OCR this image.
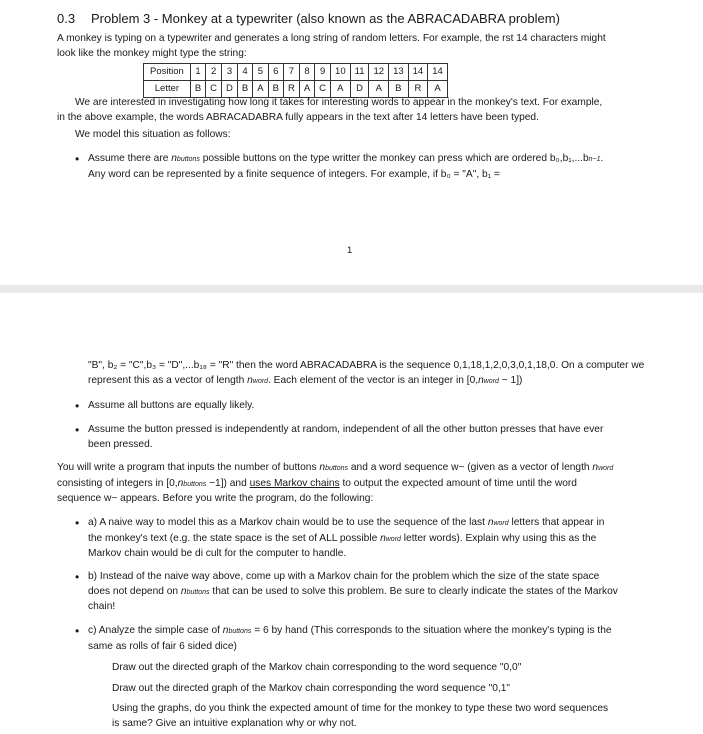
0.3 Problem 3 - Monkey at a typewriter (also known as the ABRACADABRA problem)

A monkey is typing on a typewriter and generates a long string of random letters. For example, the rst 14 characters might

look like the monkey might type the string:

Position	1	2	3	4	5	6	7	8	9	10	11	12	13	14	14
Letter	B	C	D	B	A	B	R	A	C	A	D	A	B	R	A

We are interested in investigating how long it takes for interesting words to appear in the monkey's text. For example,

in the above example, the words ABRACADABRA fully appears in the text after 14 letters have been typed.

We model this situation as follows:

• Assume there are nbuttons possible buttons on the type writter the monkey can press which are ordered b₀,b₁,...bn−1.

Any word can be represented by a finite sequence of integers. For example, if b₀ = "A", b₁ =

1

"B", b₂ = "C",b₃ = "D",...b₁₈ = "R" then the word ABRACADABRA is the sequence 0,1,18,1,2,0,3,0,1,18,0. On a computer we

represent this as a vector of length nword. Each element of the vector is an integer in [0,nword − 1])

• Assume all buttons are equally likely.
• Assume the button pressed is independently at random, independent of all the other button presses that have ever

been pressed.

You will write a program that inputs the number of buttons nbuttons and a word sequence w~ (given as a vector of length nword

consisting of integers in [0,nbuttons −1]) and uses Markov chains to output the expected amount of time until the word

sequence w~ appears. Before you write the program, do the following:

• a) A naive way to model this as a Markov chain would be to use the sequence of the last nword letters that appear in

the monkey's text (e.g. the state space is the set of ALL possible nword letter words). Explain why using this as the

Markov chain would be di cult for the computer to handle.

• b) Instead of the naive way above, come up with a Markov chain for the problem which the size of the state space

does not depend on nbuttons that can be used to solve this problem. Be sure to clearly indicate the states of the Markov

chain!

• c) Analyze the simple case of nbuttons = 6 by hand (This corresponds to the situation where the monkey's typing is the

same as rolls of fair 6 sided dice)

Draw out the directed graph of the Markov chain corresponding to the word sequence "0,0"

Draw out the directed graph of the Markov chain corresponding the word sequence "0,1"

Using the graphs, do you think the expected amount of time for the monkey to type these two word sequences

is same? Give an intuitive explanation why or why not.
